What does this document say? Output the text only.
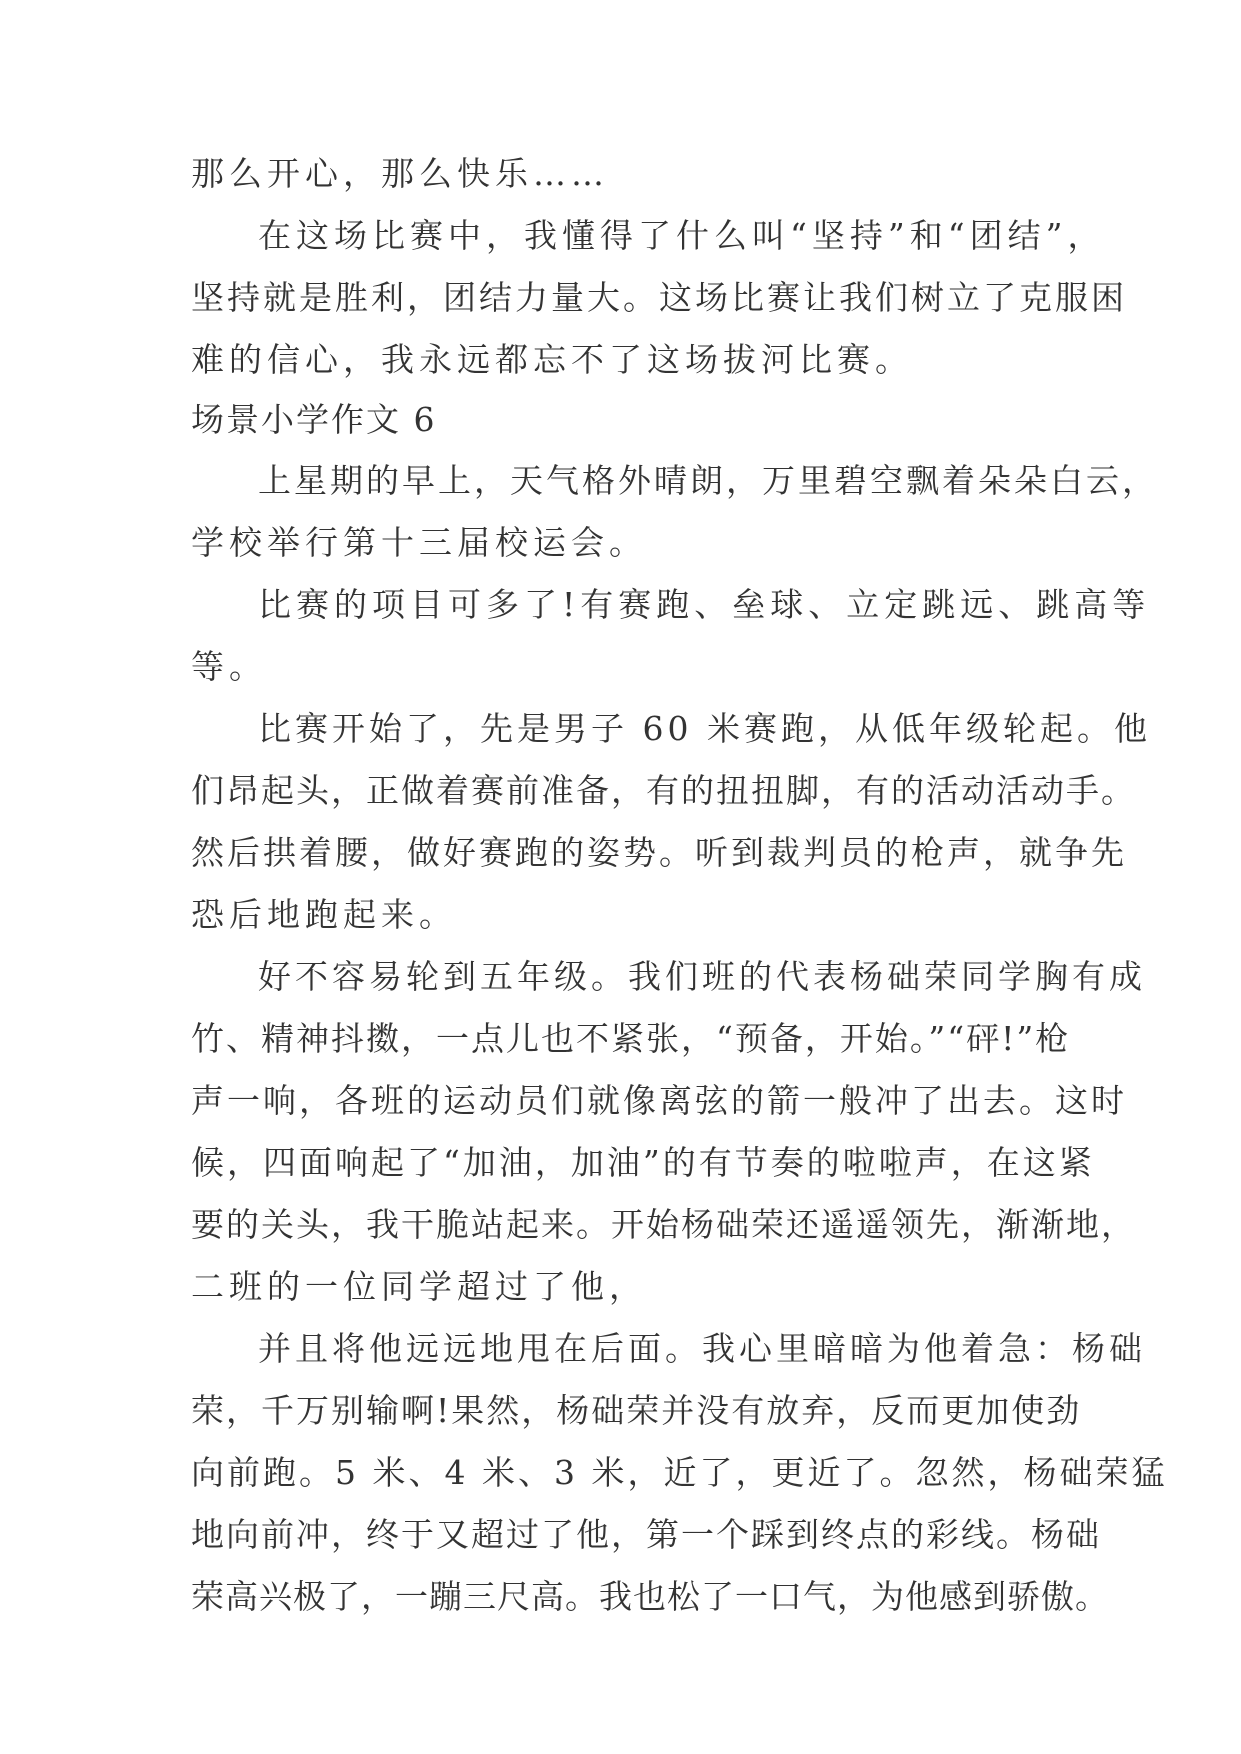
那么开心，那么快乐……
在这场比赛中，我懂得了什么叫“坚持”和“团结”，
坚持就是胜利，团结力量大。这场比赛让我们树立了克服困
难的信心，我永远都忘不了这场拔河比赛。
场景小学作文 6
上星期的早上，天气格外晴朗，万里碧空飘着朵朵白云，
学校举行第十三届校运会。
比赛的项目可多了!有赛跑、垒球、立定跳远、跳高等
等。
比赛开始了，先是男子 60 米赛跑，从低年级轮起。他
们昂起头，正做着赛前准备，有的扭扭脚，有的活动活动手。
然后拱着腰，做好赛跑的姿势。听到裁判员的枪声，就争先
恐后地跑起来。
好不容易轮到五年级。我们班的代表杨础荣同学胸有成
竹、精神抖擞，一点儿也不紧张，“预备，开始。”“砰!”枪
声一响，各班的运动员们就像离弦的箭一般冲了出去。这时
候，四面响起了“加油，加油”的有节奏的啦啦声，在这紧
要的关头，我干脆站起来。开始杨础荣还遥遥领先，渐渐地，
二班的一位同学超过了他，
并且将他远远地甩在后面。我心里暗暗为他着急：杨础
荣，千万别输啊!果然，杨础荣并没有放弃，反而更加使劲
向前跑。5 米、4 米、3 米，近了，更近了。忽然，杨础荣猛
地向前冲，终于又超过了他，第一个踩到终点的彩线。杨础
荣高兴极了，一蹦三尺高。我也松了一口气，为他感到骄傲。
